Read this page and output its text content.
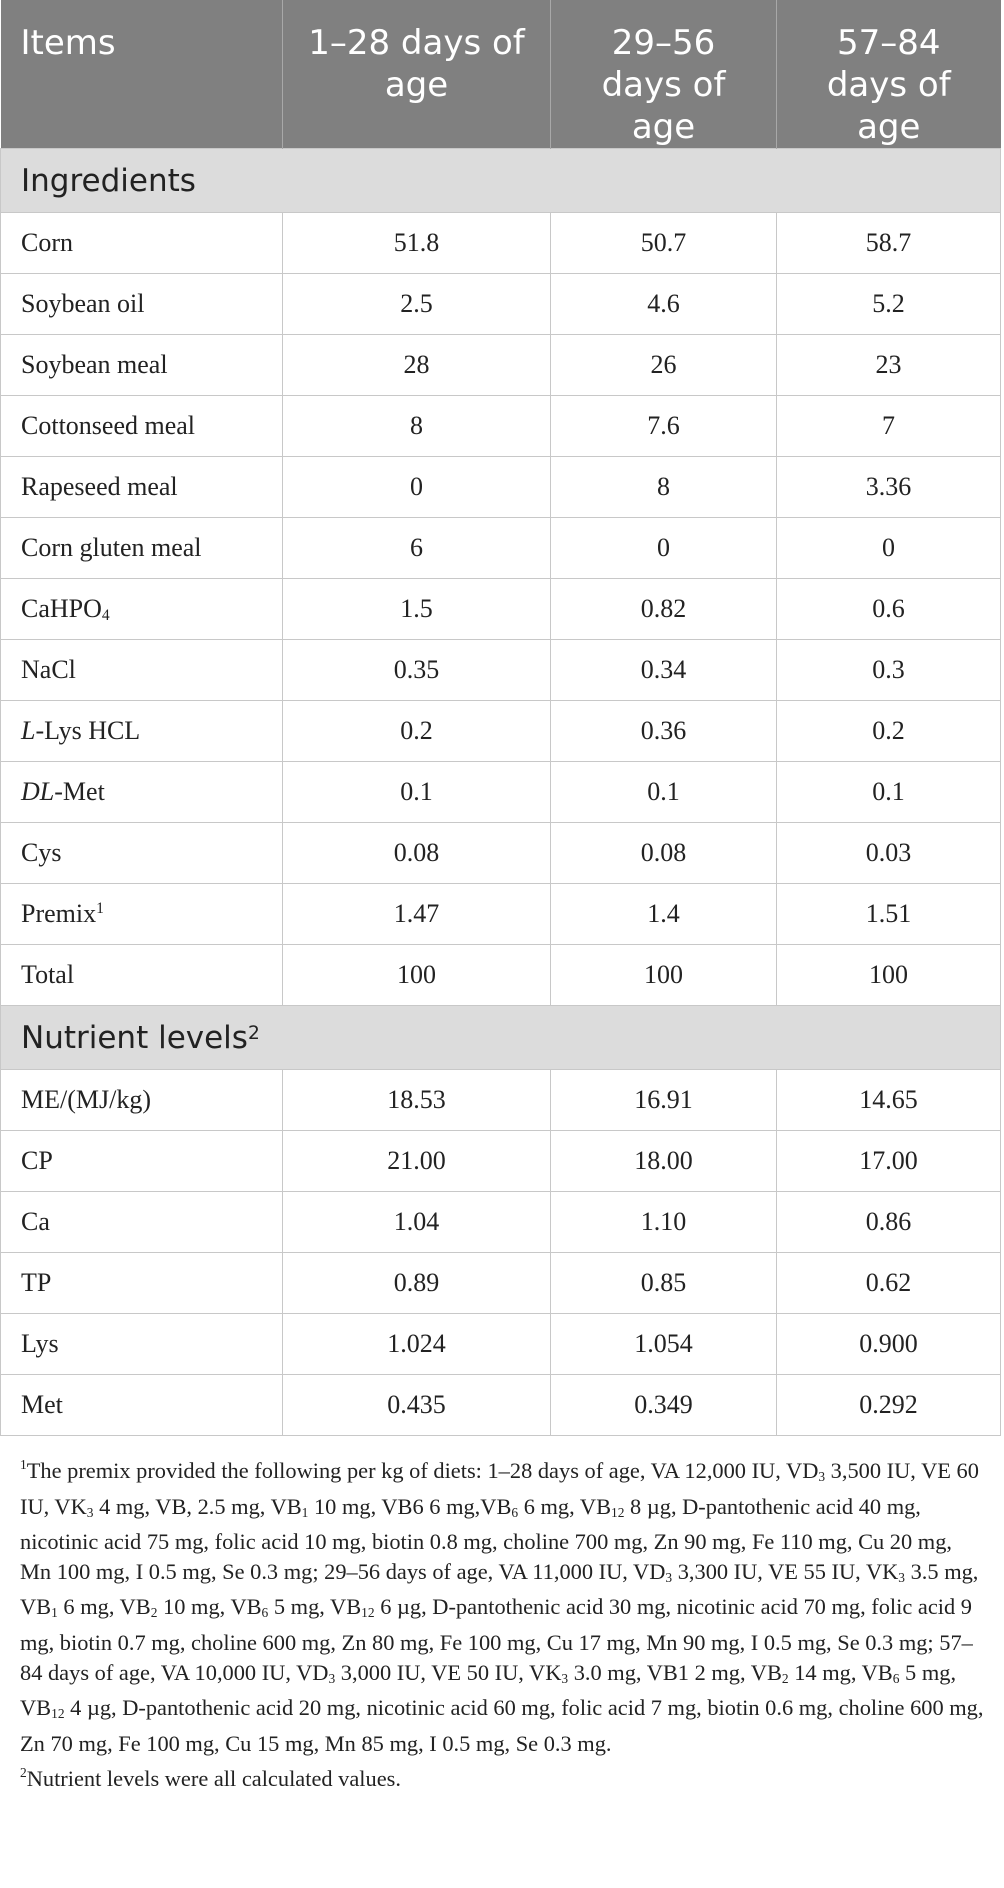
Items	1–28 days of age	29–56 days of age	57–84 days of age
Ingredients			
Corn	51.8	50.7	58.7
Soybean oil	2.5	4.6	5.2
Soybean meal	28	26	23
Cottonseed meal	8	7.6	7
Rapeseed meal	0	8	3.36
Corn gluten meal	6	0	0
CaHPO$_4$	1.5	0.82	0.6
NaCl	0.35	0.34	0.3
L-Lys HCL	0.2	0.36	0.2
DL-Met	0.1	0.1	0.1
Cys	0.08	0.08	0.03
Premix$^1$	1.47	1.4	1.51
Total	100	100	100
Nutrient levels$^2$
ME/(MJ/kg)	18.53	16.91	14.65
CP	21.00	18.00	17.00
Ca	1.04	1.10	0.86
TP	0.89	0.85	0.62
Lys	1.024	1.054	0.900
Met	0.435	0.349	0.292

$^1$The premix provided the following per kg of diets: 1–28 days of age, VA 12,000 IU, $VD_3$ 3,500 IU, VE 60 IU, $VK_3$ 4 mg, VB, 2.5 mg, $VB_1$ 10 mg, VB6 6 $mg,VB_6$ 6 mg, $VB_{12}$ 8 µg, D-pantothenic acid 40 mg, nicotinic acid 75 mg, folic acid 10 mg, biotin 0.8 mg, choline 700 mg, Zn 90 mg, Fe 110 mg, Cu 20 mg, Mn 100 mg, I 0.5 mg, Se 0.3 mg; 29–56 days of age, VA 11,000 IU, $VD_3$ 3,300 IU, VE 55 IU, $VK_3$ 3.5 mg, $VB_1$ 6 mg, $VB_2$ 10 mg, $VB_6$ 5 mg, $VB_{12}$ 6 µg, D-pantothenic acid 30 mg, nicotinic acid 70 mg, folic acid 9 mg, biotin 0.7 mg, choline 600 mg, Zn 80 mg, Fe 100 mg, Cu 17 mg, Mn 90 mg, I 0.5 mg, Se 0.3 mg; 57–84 days of age, VA 10,000 IU, $VD_3$ 3,000 IU, VE 50 IU, $VK_3$ 3.0 mg, VB1 2 mg, $VB_2$ 14 mg, $VB_6$ 5 mg, $VB_{12}$ 4 µg, D-pantothenic acid 20 mg, nicotinic acid 60 mg, folic acid 7 mg, biotin 0.6 mg, choline 600 mg, Zn 70 mg, Fe 100 mg, Cu 15 mg, Mn 85 mg, I 0.5 mg, Se 0.3 mg.

$^2$Nutrient levels were all calculated values.
